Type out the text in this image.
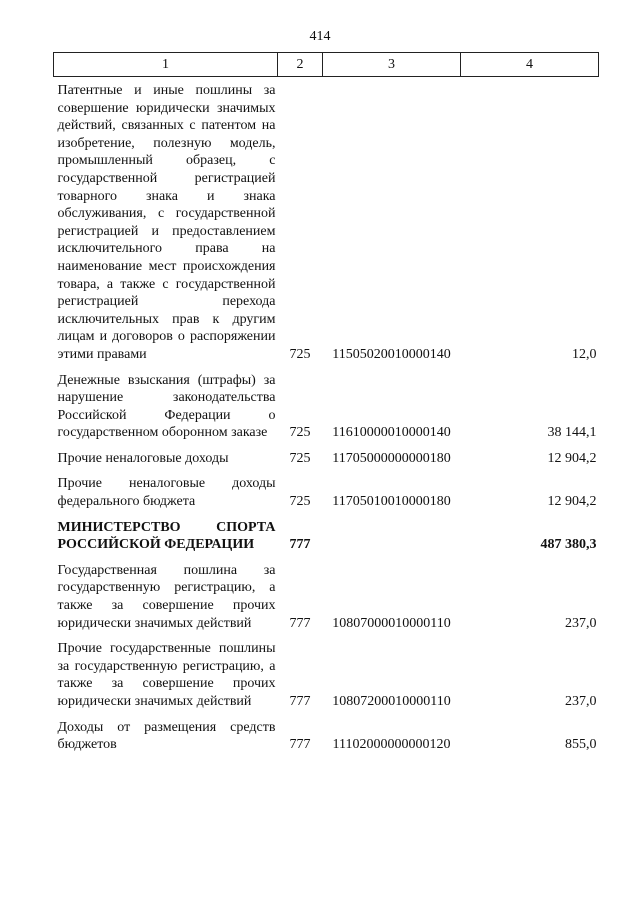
414
1	2	3	4
Патентные и иные пошлины за совершение юридически значимых действий, связанных с патентом на изобретение, полезную модель, промышленный образец, с государственной регистрацией товарного знака и знака обслуживания, с государственной регистрацией и предоставлением исключительного права на наименование мест происхождения товара, а также с государственной регистрацией перехода исключительных прав к другим лицам и договоров о распоряжении этими правами	725	11505020010000140	12,0
Денежные взыскания (штрафы) за нарушение законодательства Российской Федерации о государственном оборонном заказе	725	11610000010000140	38 144,1
Прочие неналоговые доходы	725	11705000000000180	12 904,2
Прочие неналоговые доходы федерального бюджета	725	11705010010000180	12 904,2
МИНИСТЕРСТВО СПОРТА РОССИЙСКОЙ ФЕДЕРАЦИИ	777		487 380,3
Государственная пошлина за государственную регистрацию, а также за совершение прочих юридически значимых действий	777	10807000010000110	237,0
Прочие государственные пошлины за государственную регистрацию, а также за совершение прочих юридически значимых действий	777	10807200010000110	237,0
Доходы от размещения средств бюджетов	777	11102000000000120	855,0
